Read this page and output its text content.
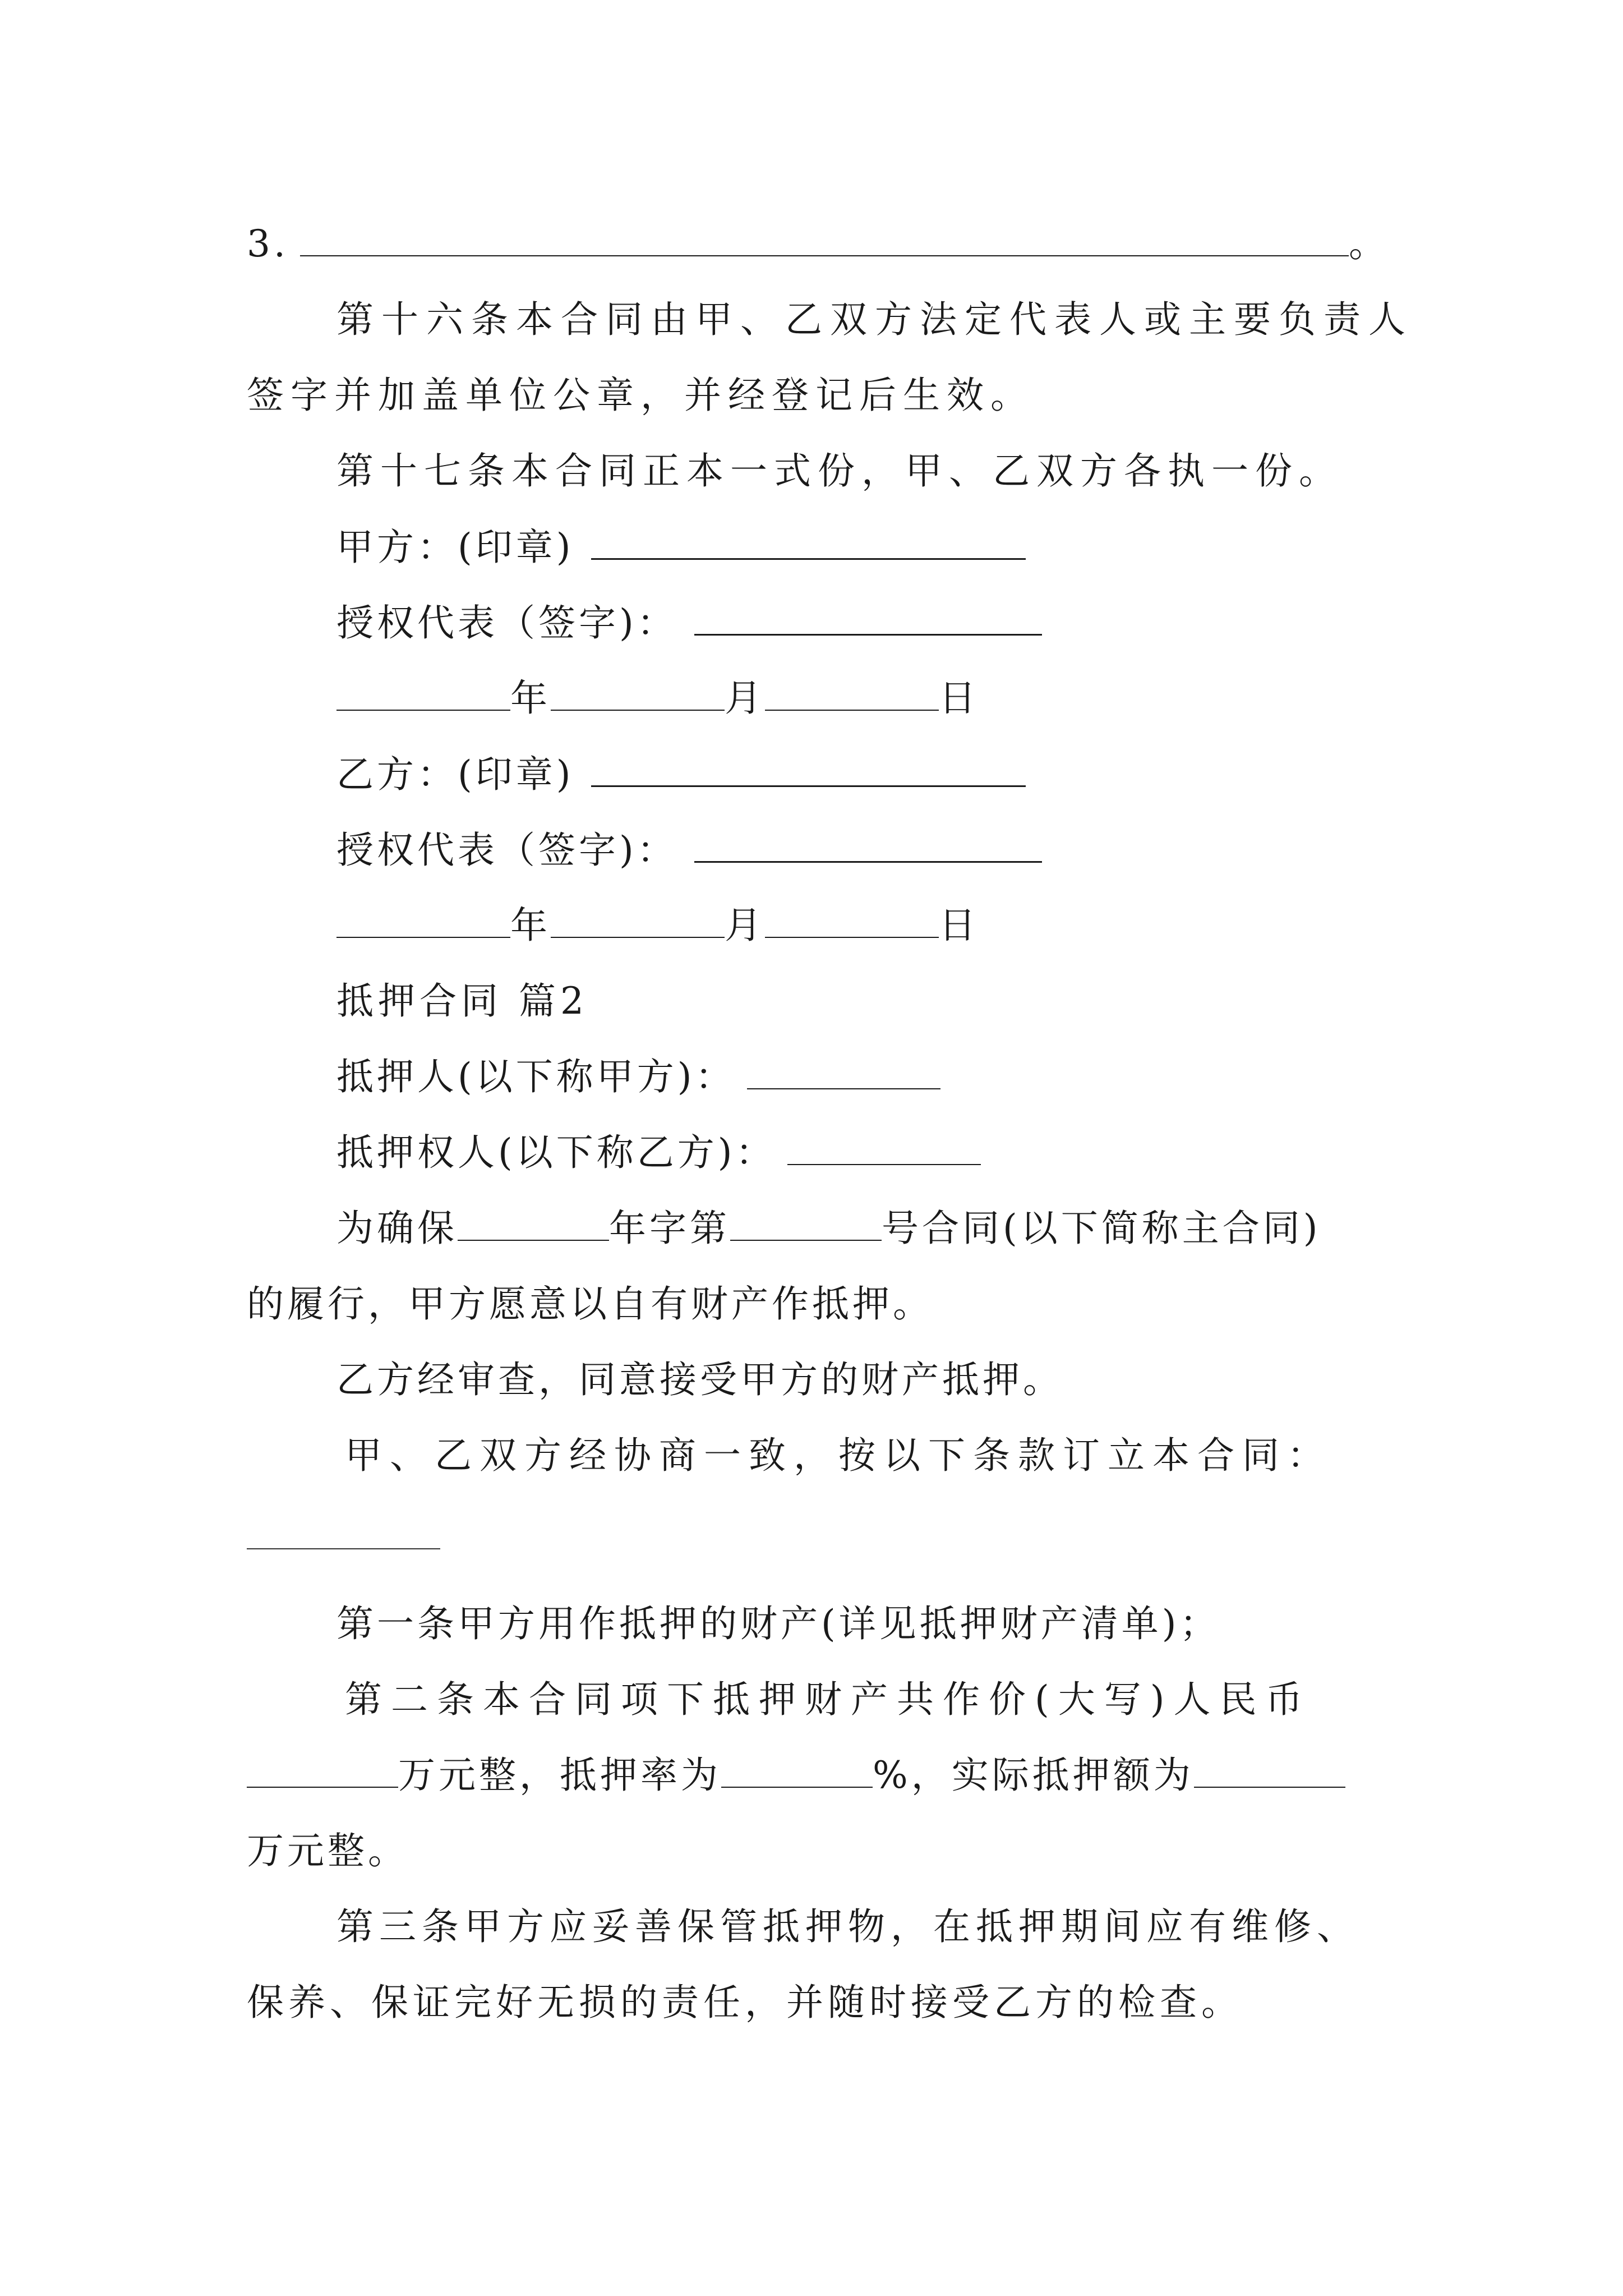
3.	。
第十六条本合同由甲、乙双方法定代表人或主要负责人
签字并加盖单位公章，并经登记后生效。
第十七条本合同正本一式份，甲、乙双方各执一份。
甲方：(印章)
授权代表（签字)：
年	月	日
乙方：(印章)
授权代表（签字)：
年	月	日
抵押合同 篇2
抵押人(以下称甲方)：
抵押权人(以下称乙方)：
为确保	年字第	号合同(以下简称主合同)
的履行，甲方愿意以自有财产作抵押。
乙方经审查，同意接受甲方的财产抵押。
甲、乙双方经协商一致，按以下条款订立本合同：
第一条甲方用作抵押的财产(详见抵押财产清单)；
第二条本合同项下抵押财产共作价(大写)人民币
万元整，抵押率为	%，实际抵押额为
万元整。
第三条甲方应妥善保管抵押物，在抵押期间应有维修、
保养、保证完好无损的责任，并随时接受乙方的检查。
